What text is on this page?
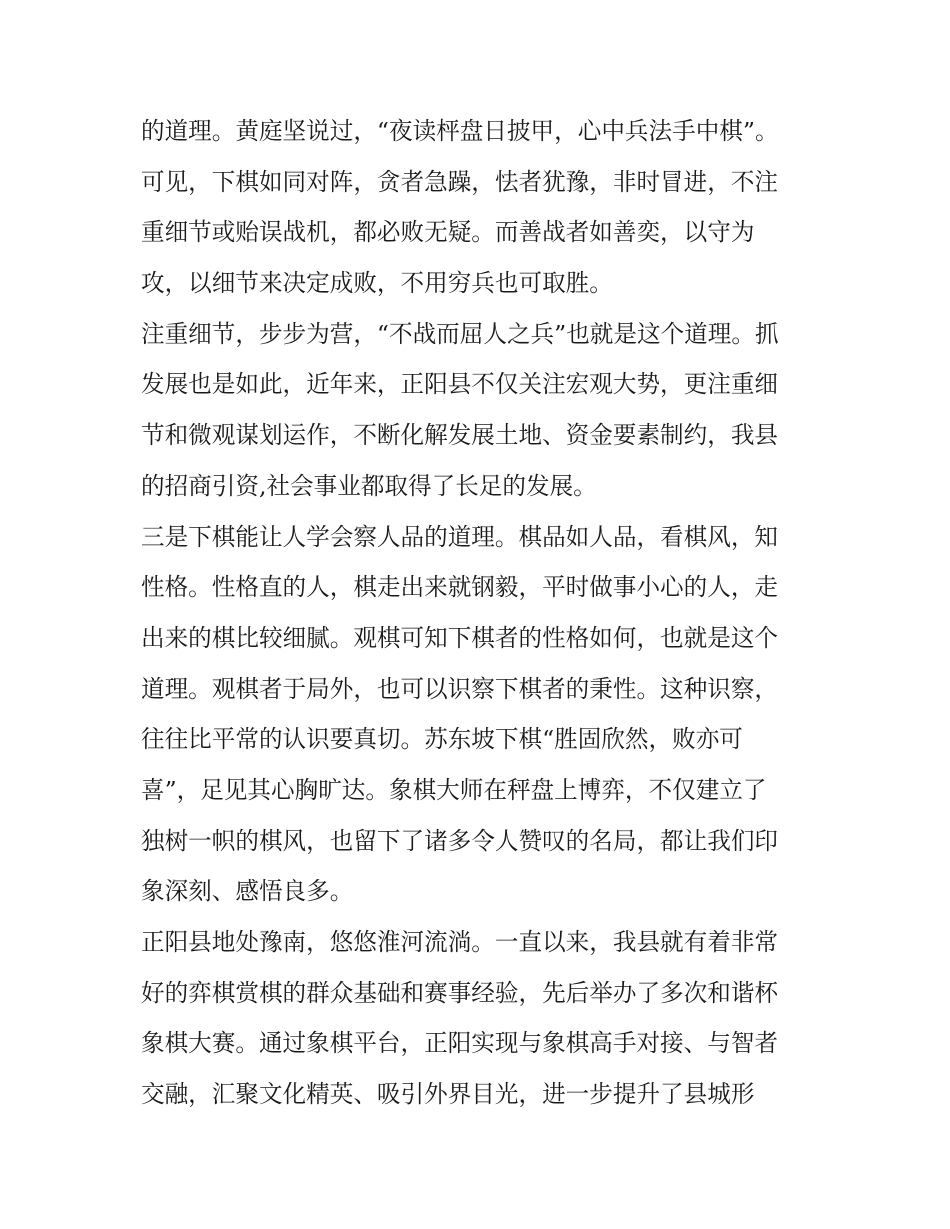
的道理。黄庭坚说过，“夜读枰盘日披甲，心中兵法手中棋”。
可见，下棋如同对阵，贪者急躁，怯者犹豫，非时冒进，不注
重细节或贻误战机，都必败无疑。而善战者如善奕，以守为
攻，以细节来决定成败，不用穷兵也可取胜。
注重细节，步步为营，“不战而屈人之兵”也就是这个道理。抓
发展也是如此，近年来，正阳县不仅关注宏观大势，更注重细
节和微观谋划运作，不断化解发展土地、资金要素制约，我县
的招商引资,社会事业都取得了长足的发展。
三是下棋能让人学会察人品的道理。棋品如人品，看棋风，知
性格。性格直的人，棋走出来就钢毅，平时做事小心的人，走
出来的棋比较细腻。观棋可知下棋者的性格如何，也就是这个
道理。观棋者于局外，也可以识察下棋者的秉性。这种识察，
往往比平常的认识要真切。苏东坡下棋“胜固欣然，败亦可
喜”，足见其心胸旷达。象棋大师在秤盘上博弈，不仅建立了
独树一帜的棋风，也留下了诸多令人赞叹的名局，都让我们印
象深刻、感悟良多。
正阳县地处豫南，悠悠淮河流淌。一直以来，我县就有着非常
好的弈棋赏棋的群众基础和赛事经验，先后举办了多次和谐杯
象棋大赛。通过象棋平台，正阳实现与象棋高手对接、与智者
交融，汇聚文化精英、吸引外界目光，进一步提升了县城形
